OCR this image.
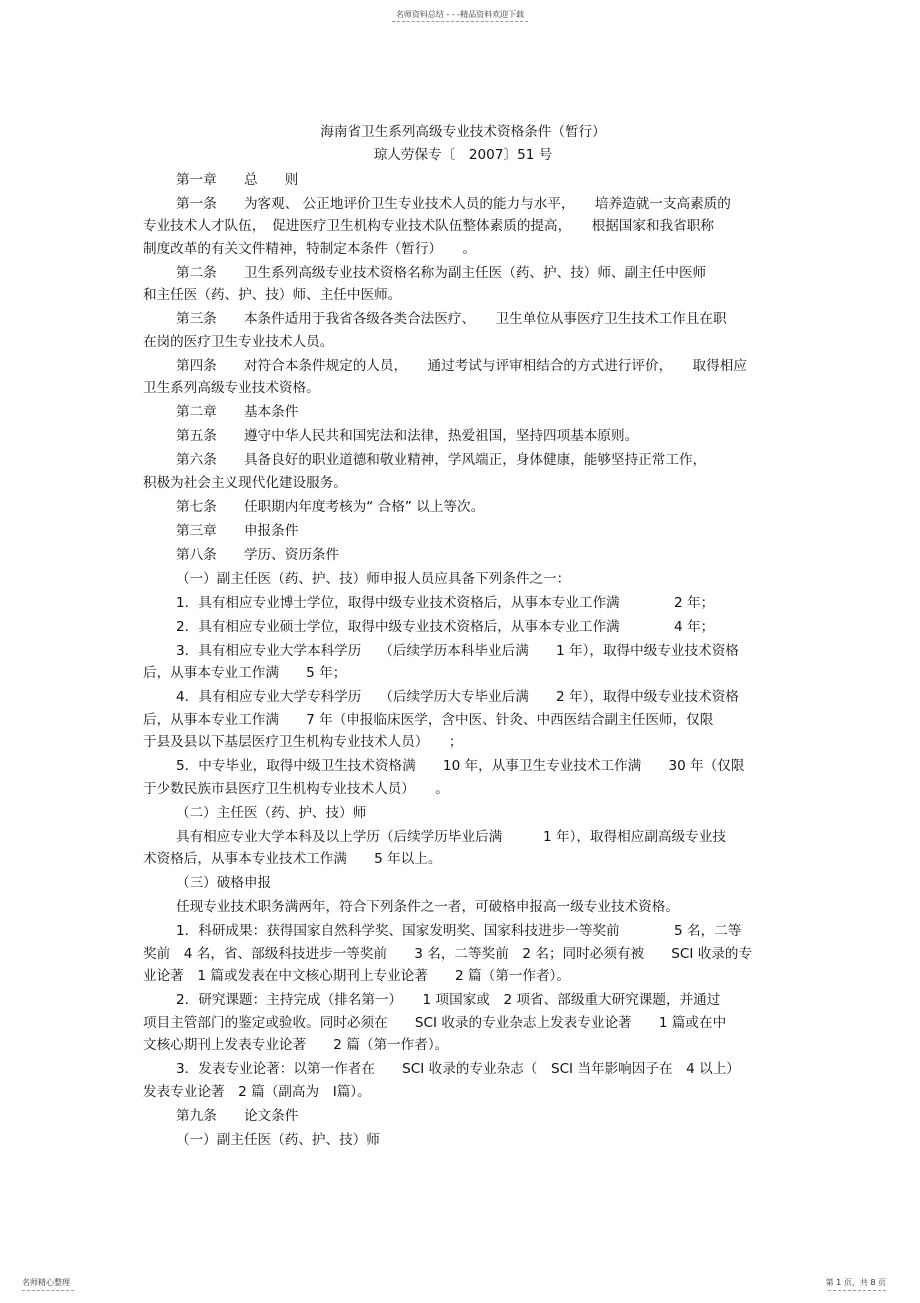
名师资料总结 - - -精品资料欢迎下载
海南省卫生系列高级专业技术资格条件（暂行）
琼人劳保专〔　2007〕51 号

第一章　　总　　则

第一条　　为客观、 公正地评价卫生专业技术人员的能力与水平，　　培养造就一支高素质的

专业技术人才队伍，　促进医疗卫生机构专业技术队伍整体素质的提高，　　根据国家和我省职称

制度改革的有关文件精神，特制定本条件（暂行）　　。

第二条　　卫生系列高级专业技术资格名称为副主任医（药、护、技）师、副主任中医师

和主任医（药、护、技）师、主任中医师。

第三条　　本条件适用于我省各级各类合法医疗、　　卫生单位从事医疗卫生技术工作且在职

在岗的医疗卫生专业技术人员。

第四条　　对符合本条件规定的人员，　　通过考试与评审相结合的方式进行评价，　　取得相应

卫生系列高级专业技术资格。

第二章　　基本条件

第五条　　遵守中华人民共和国宪法和法律，热爱祖国，坚持四项基本原则。

第六条　　具备良好的职业道德和敬业精神，学风端正，身体健康，能够坚持正常工作，

积极为社会主义现代化建设服务。

第七条　　任职期内年度考核为“ 合格” 以上等次。

第三章　　申报条件

第八条　　学历、资历条件

（一）副主任医（药、护、技）师申报人员应具备下列条件之一：

1．具有相应专业博士学位，取得中级专业技术资格后，从事本专业工作满　　　　2 年；

2．具有相应专业硕士学位，取得中级专业技术资格后，从事本专业工作满　　　　4 年；

3．具有相应专业大学本科学历　 （后续学历本科毕业后满　　1 年），取得中级专业技术资格

后，从事本专业工作满　　5 年；

4．具有相应专业大学专科学历　 （后续学历大专毕业后满　　2 年），取得中级专业技术资格

后，从事本专业工作满　　7 年（申报临床医学，含中医、针灸、中西医结合副主任医师，仅限

于县及县以下基层医疗卫生机构专业技术人员）　　；

5．中专毕业，取得中级卫生技术资格满　　10 年，从事卫生专业技术工作满　　30 年（仅限

于少数民族市县医疗卫生机构专业技术人员）　　。

（二）主任医（药、护、技）师

具有相应专业大学本科及以上学历（后续学历毕业后满　　　1 年），取得相应副高级专业技

术资格后，从事本专业技术工作满　　5 年以上。

（三）破格申报

任现专业技术职务满两年，符合下列条件之一者，可破格申报高一级专业技术资格。

1．科研成果：获得国家自然科学奖、国家发明奖、国家科技进步一等奖前　　　　5 名，二等

奖前　4 名，省、部级科技进步一等奖前　　3 名，二等奖前　2 名；同时必须有被　　SCI 收录的专

业论著　1 篇或发表在中文核心期刊上专业论著　　2 篇（第一作者）。

2．研究课题：主持完成（排名第一）　　1 项国家或　2 项省、部级重大研究课题，并通过

项目主管部门的鉴定或验收。同时必须在　　SCI 收录的专业杂志上发表专业论著　　1 篇或在中

文核心期刊上发表专业论著　　2 篇（第一作者）。

3．发表专业论著：以第一作者在　　SCI 收录的专业杂志（　SCI 当年影响因子在　4 以上）

发表专业论著　2 篇（副高为　Ⅰ篇）。

第九条　　论文条件

（一）副主任医（药、护、技）师

名师精心整理	第 1 页，共 8 页
